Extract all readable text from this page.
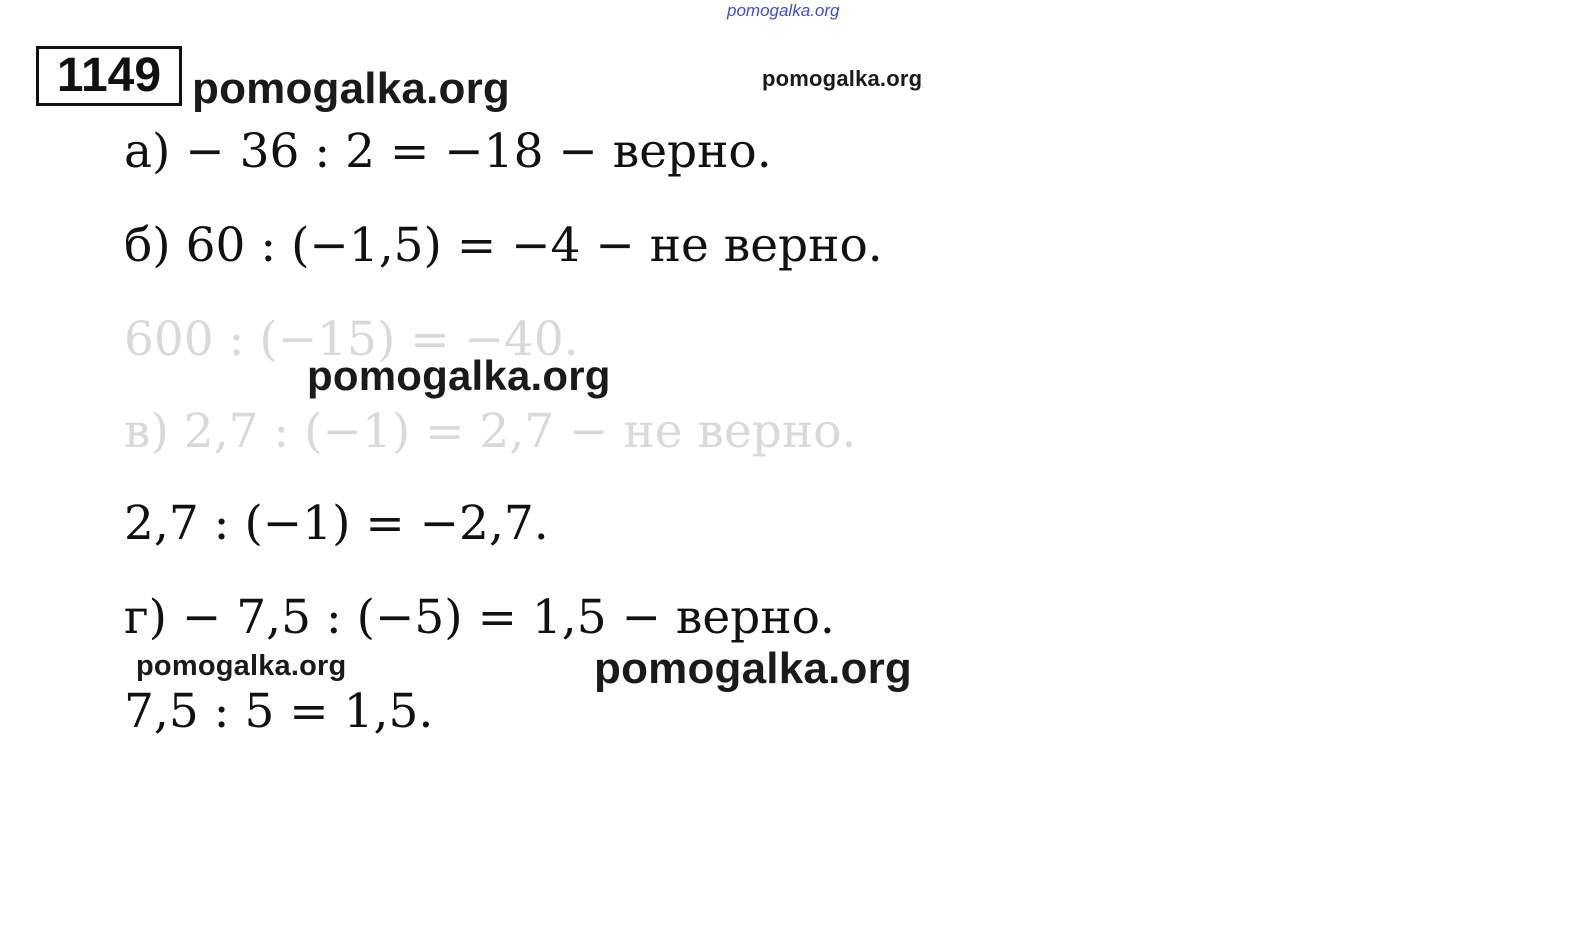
pomogalka.org
1149 pomogalka.org	pomogalka.org
а) − 36 : 2 = −18 − верно.
б) 60 : (−1,5) = −4 − не верно.
600 : (−15) = −40.
pomogalka.org
в) 2,7 : (−1) = 2,7 − не верно.
2,7 : (−1) = −2,7.
г) − 7,5 : (−5) = 1,5 − верно.
pomogalka.org	pomogalka.org
7,5 : 5 = 1,5.
